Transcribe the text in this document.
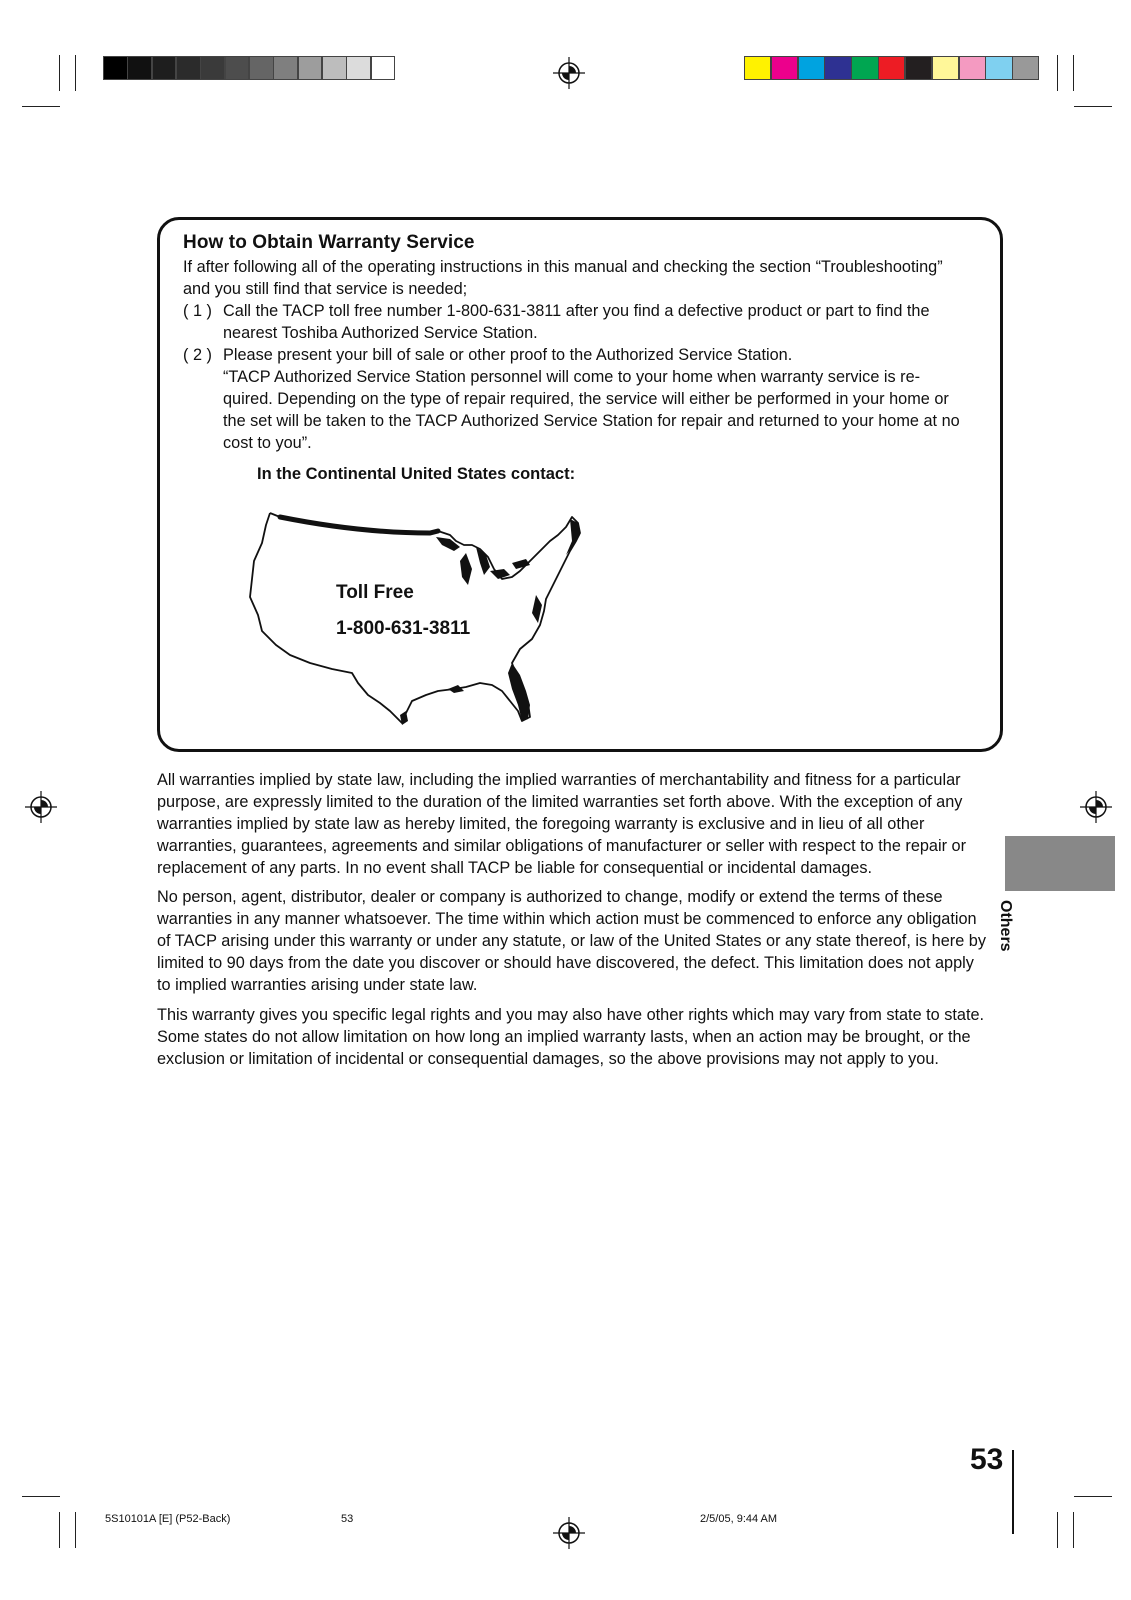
How to Obtain Warranty Service
If after following all of the operating instructions in this manual and checking the section “Troubleshooting”
and you still find that service is needed;
( 1 ) Call the TACP toll free number 1-800-631-3811 after you find a defective product or part to find the
nearest Toshiba Authorized Service Station.
( 2 ) Please present your bill of sale or other proof to the Authorized Service Station.
“TACP Authorized Service Station personnel will come to your home when warranty service is re-
quired. Depending on the type of repair required, the service will either be performed in your home or
the set will be taken to the TACP Authorized Service Station for repair and returned to your home at no
cost to you”.
In the Continental United States contact:
Toll Free
1-800-631-3811
All warranties implied by state law, including the implied warranties of merchantability and fitness for a particular purpose, are expressly limited to the duration of the limited warranties set forth above. With the exception of any warranties implied by state law as hereby limited, the foregoing warranty is exclusive and in lieu of all other warranties, guarantees, agreements and similar obligations of manufacturer or seller with respect to the repair or replacement of any parts. In no event shall TACP be liable for consequential or incidental damages.
No person, agent, distributor, dealer or company is authorized to change, modify or extend the terms of these warranties in any manner whatsoever. The time within which action must be commenced to enforce any obligation of TACP arising under this warranty or under any statute, or law of the United States or any state thereof, is here by limited to 90 days from the date you discover or should have discovered, the defect. This limitation does not apply to implied warranties arising under state law.
This warranty gives you specific legal rights and you may also have other rights which may vary from state to state. Some states do not allow limitation on how long an implied warranty lasts, when an action may be brought, or the exclusion or limitation of incidental or consequential damages, so the above provisions may not apply to you.
Others
53
5S10101A [E] (P52-Back)	53	2/5/05, 9:44 AM
